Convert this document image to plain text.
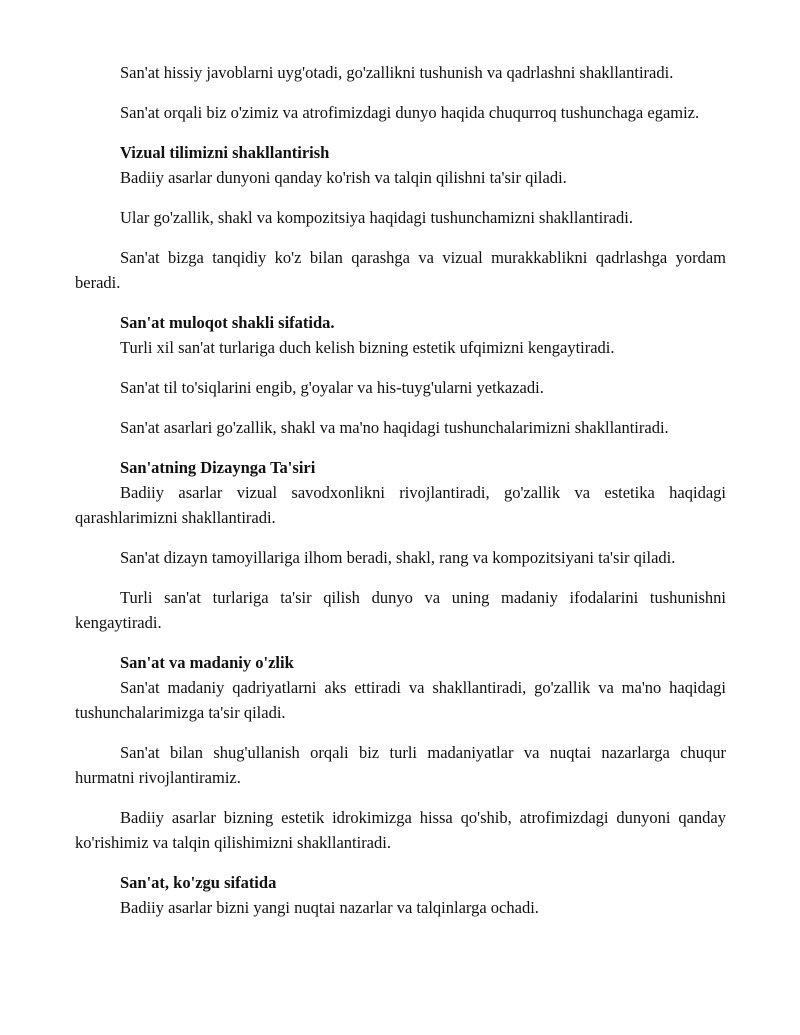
San'at hissiy javoblarni uyg'otadi, go'zallikni tushunish va qadrlashni shakllantiradi.

San'at orqali biz o'zimiz va atrofimizdagi dunyo haqida chuqurroq tushunchaga egamiz.

Vizual tilimizni shakllantirish

Badiiy asarlar dunyoni qanday ko'rish va talqin qilishni ta'sir qiladi.

Ular go'zallik, shakl va kompozitsiya haqidagi tushunchamizni shakllantiradi.

San'at bizga tanqidiy ko'z bilan qarashga va vizual murakkablikni qadrlashga yordam beradi.

San'at muloqot shakli sifatida.

Turli xil san'at turlariga duch kelish bizning estetik ufqimizni kengaytiradi.

San'at til to'siqlarini engib, g'oyalar va his-tuyg'ularni yetkazadi.

San'at asarlari go'zallik, shakl va ma'no haqidagi tushunchalarimizni shakllantiradi.

San'atning Dizaynga Ta'siri

Badiiy asarlar vizual savodxonlikni rivojlantiradi, go'zallik va estetika haqidagi qarashlarimizni shakllantiradi.

San'at dizayn tamoyillariga ilhom beradi, shakl, rang va kompozitsiyani ta'sir qiladi.

Turli san'at turlariga ta'sir qilish dunyo va uning madaniy ifodalarini tushunishni kengaytiradi.

San'at va madaniy o'zlik

San'at madaniy qadriyatlarni aks ettiradi va shakllantiradi, go'zallik va ma'no haqidagi tushunchalarimizga ta'sir qiladi.

San'at bilan shug'ullanish orqali biz turli madaniyatlar va nuqtai nazarlarga chuqur hurmatni rivojlantiramiz.

Badiiy asarlar bizning estetik idrokimizga hissa qo'shib, atrofimizdagi dunyoni qanday ko'rishimiz va talqin qilishimizni shakllantiradi.

San'at, ko'zgu sifatida

Badiiy asarlar bizni yangi nuqtai nazarlar va talqinlarga ochadi.
